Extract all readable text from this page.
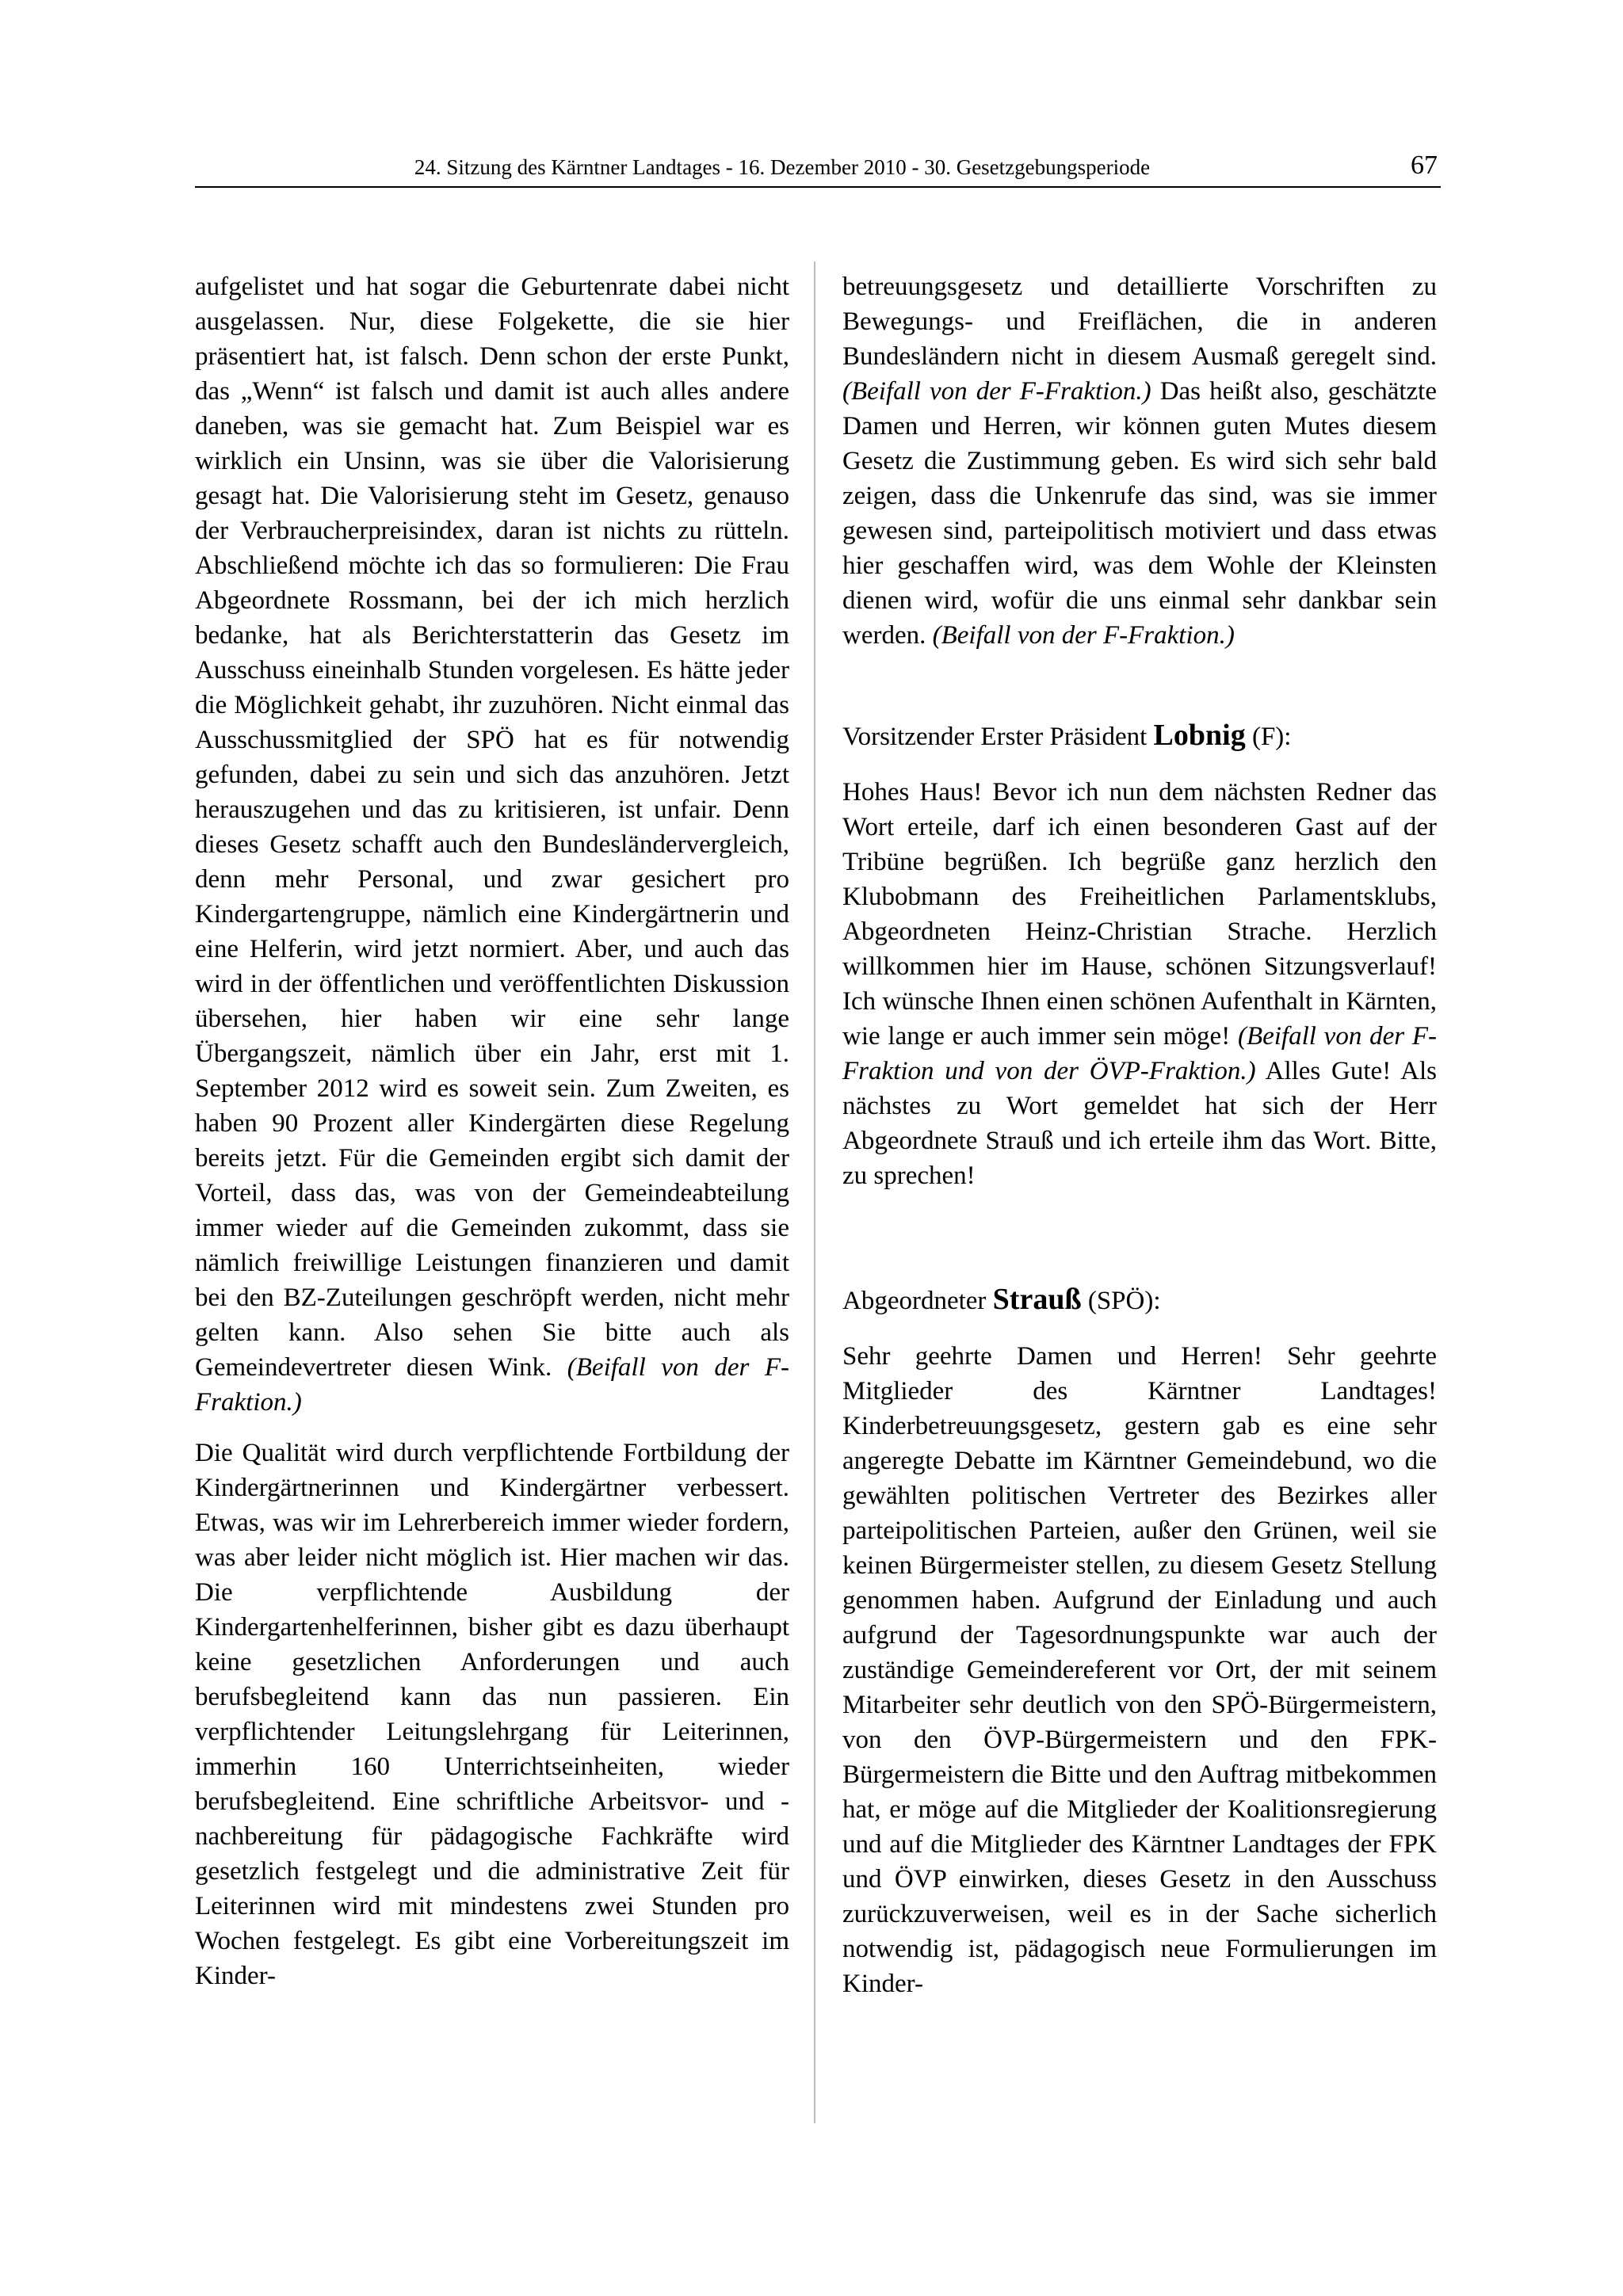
24. Sitzung des Kärntner Landtages - 16. Dezember 2010 - 30. Gesetzgebungsperiode	67

aufgelistet und hat sogar die Geburtenrate dabei nicht ausgelassen. Nur, diese Folgekette, die sie hier präsentiert hat, ist falsch. Denn schon der erste Punkt, das „Wenn“ ist falsch und damit ist auch alles andere daneben, was sie gemacht hat. Zum Beispiel war es wirklich ein Unsinn, was sie über die Valorisierung gesagt hat. Die Valorisierung steht im Gesetz, genauso der Verbraucherpreisindex, daran ist nichts zu rütteln. Abschließend möchte ich das so formulieren: Die Frau Abgeordnete Rossmann, bei der ich mich herzlich bedanke, hat als Berichterstatterin das Gesetz im Ausschuss eineinhalb Stunden vorgelesen. Es hätte jeder die Möglichkeit gehabt, ihr zuzuhören. Nicht einmal das Ausschussmitglied der SPÖ hat es für notwendig gefunden, dabei zu sein und sich das anzuhören. Jetzt herauszugehen und das zu kritisieren, ist unfair. Denn dieses Gesetz schafft auch den Bundesländervergleich, denn mehr Personal, und zwar gesichert pro Kindergartengruppe, nämlich eine Kindergärtnerin und eine Helferin, wird jetzt normiert. Aber, und auch das wird in der öffentlichen und veröffentlichten Diskussion übersehen, hier haben wir eine sehr lange Übergangszeit, nämlich über ein Jahr, erst mit 1. September 2012 wird es soweit sein. Zum Zweiten, es haben 90 Prozent aller Kindergärten diese Regelung bereits jetzt. Für die Gemeinden ergibt sich damit der Vorteil, dass das, was von der Gemeindeabteilung immer wieder auf die Gemeinden zukommt, dass sie nämlich freiwillige Leistungen finanzieren und damit bei den BZ-Zuteilungen geschröpft werden, nicht mehr gelten kann. Also sehen Sie bitte auch als Gemeindevertreter diesen Wink. (Beifall von der F-Fraktion.)

Die Qualität wird durch verpflichtende Fortbildung der Kindergärtnerinnen und Kindergärtner verbessert. Etwas, was wir im Lehrerbereich immer wieder fordern, was aber leider nicht möglich ist. Hier machen wir das. Die verpflichtende Ausbildung der Kindergartenhelferinnen, bisher gibt es dazu überhaupt keine gesetzlichen Anforderungen und auch berufsbegleitend kann das nun passieren. Ein verpflichtender Leitungslehrgang für Leiterinnen, immerhin 160 Unterrichtseinheiten, wieder berufsbegleitend. Eine schriftliche Arbeitsvor- und -nachbereitung für pädagogische Fachkräfte wird gesetzlich festgelegt und die administrative Zeit für Leiterinnen wird mit mindestens zwei Stunden pro Wochen festgelegt. Es gibt eine Vorbereitungszeit im Kinder-

betreuungsgesetz und detaillierte Vorschriften zu Bewegungs- und Freiflächen, die in anderen Bundesländern nicht in diesem Ausmaß geregelt sind. (Beifall von der F-Fraktion.) Das heißt also, geschätzte Damen und Herren, wir können guten Mutes diesem Gesetz die Zustimmung geben. Es wird sich sehr bald zeigen, dass die Unkenrufe das sind, was sie immer gewesen sind, parteipolitisch motiviert und dass etwas hier geschaffen wird, was dem Wohle der Kleinsten dienen wird, wofür die uns einmal sehr dankbar sein werden. (Beifall von der F-Fraktion.)

Vorsitzender Erster Präsident Lobnig (F):

Hohes Haus! Bevor ich nun dem nächsten Redner das Wort erteile, darf ich einen besonderen Gast auf der Tribüne begrüßen. Ich begrüße ganz herzlich den Klubobmann des Freiheitlichen Parlamentsklubs, Abgeordneten Heinz-Christian Strache. Herzlich willkommen hier im Hause, schönen Sitzungsverlauf! Ich wünsche Ihnen einen schönen Aufenthalt in Kärnten, wie lange er auch immer sein möge! (Beifall von der F-Fraktion und von der ÖVP-Fraktion.) Alles Gute! Als nächstes zu Wort gemeldet hat sich der Herr Abgeordnete Strauß und ich erteile ihm das Wort. Bitte, zu sprechen!

Abgeordneter Strauß (SPÖ):

Sehr geehrte Damen und Herren! Sehr geehrte Mitglieder des Kärntner Landtages! Kinderbetreuungsgesetz, gestern gab es eine sehr angeregte Debatte im Kärntner Gemeindebund, wo die gewählten politischen Vertreter des Bezirkes aller parteipolitischen Parteien, außer den Grünen, weil sie keinen Bürgermeister stellen, zu diesem Gesetz Stellung genommen haben. Aufgrund der Einladung und auch aufgrund der Tagesordnungspunkte war auch der zuständige Gemeindereferent vor Ort, der mit seinem Mitarbeiter sehr deutlich von den SPÖ-Bürgermeistern, von den ÖVP-Bürgermeistern und den FPK-Bürgermeistern die Bitte und den Auftrag mitbekommen hat, er möge auf die Mitglieder der Koalitionsregierung und auf die Mitglieder des Kärntner Landtages der FPK und ÖVP einwirken, dieses Gesetz in den Ausschuss zurückzuverweisen, weil es in der Sache sicherlich notwendig ist, pädagogisch neue Formulierungen im Kinder-
